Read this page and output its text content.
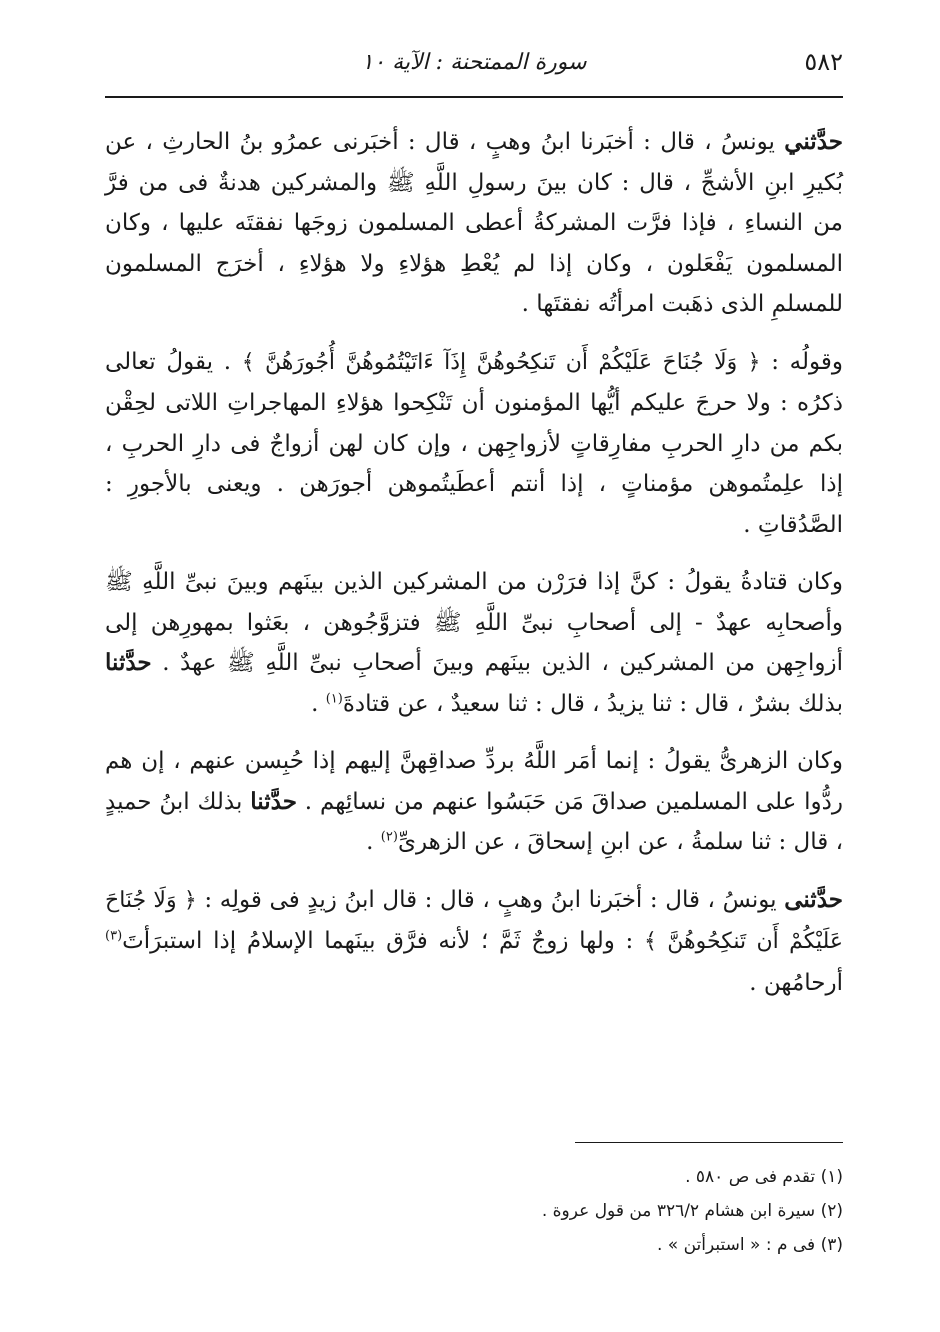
٥٨٢
سورة الممتحنة : الآية ١٠

حدَّثني يونسُ ، قال : أخبَرنا ابنُ وهبٍ ، قال : أخبَرنى عمرُو بنُ الحارثِ ، عن بُكيرِ ابنِ الأشجِّ ، قال : كان بينَ رسولِ اللَّهِ ﷺ والمشركين هدنةٌ فى من فرَّ من النساءِ ، فإذا فرَّت المشركةُ أعطى المسلمون زوجَها نفقتَه عليها ، وكان المسلمون يَفْعَلون ، وكان إذا لم يُعْطِ هؤلاءِ ولا هؤلاءِ ، أخرَج المسلمون للمسلمِ الذى ذهَبت امرأتُه نفقتَها .

وقولُه : ﴿ وَلَا جُنَاحَ عَلَيْكُمْ أَن تَنكِحُوهُنَّ إِذَآ ءَاتَيْتُمُوهُنَّ أُجُورَهُنَّ ﴾ . يقولُ تعالى ذكرُه : ولا حرجَ عليكم أيُّها المؤمنون أن تَنْكِحوا هؤلاءِ المهاجراتِ اللاتى لحِقْن بكم من دارِ الحربِ مفارِقاتٍ لأزواجِهن ، وإن كان لهن أزواجٌ فى دارِ الحربِ ، إذا علِمتُموهن مؤمناتٍ ، إذا أنتم أعطَيتُموهن أجورَهن . ويعنى بالأجورِ : الصَّدُقاتِ .

وكان قتادةُ يقولُ : كنَّ إذا فرَرْن من المشركين الذين بينَهم وبينَ نبىِّ اللَّهِ ﷺ وأصحابِه عهدٌ - إلى أصحابِ نبىِّ اللَّهِ ﷺ فتزوَّجُوهن ، بعَثوا بمهورِهن إلى أزواجِهن من المشركين ، الذين بينَهم وبينَ أصحابِ نبىِّ اللَّهِ ﷺ عهدٌ . حدَّثنا بذلك بشرٌ ، قال : ثنا يزيدُ ، قال : ثنا سعيدٌ ، عن قتادةَ$^{(١)}$ .

وكان الزهرىُّ يقولُ : إنما أمَر اللَّهُ بردِّ صداقِهنَّ إليهم إذا حُبِسن عنهم ، إن هم ردُّوا على المسلمين صداقَ مَن حَبَسُوا عنهم من نسائِهم . حدَّثنا بذلك ابنُ حميدٍ ، قال : ثنا سلمةُ ، عن ابنِ إسحاقَ ، عن الزهرىِّ$^{(٢)}$ .

حدَّثنى يونسُ ، قال : أخبَرنا ابنُ وهبٍ ، قال : قال ابنُ زيدٍ فى قولِه : ﴿ وَلَا جُنَاحَ عَلَيْكُمْ أَن تَنكِحُوهُنَّ ﴾ : ولها زوجٌ ثَمَّ ؛ لأنه فرَّق بينَهما الإسلامُ إذا استبرَأتَ$^{(٣)}$ أرحامُهن .

(١) تقدم فى ص ٥٨٠ .

(٢) سيرة ابن هشام ٣٢٦/٢ من قول عروة .

(٣) فى م : « استبرأتن » .
